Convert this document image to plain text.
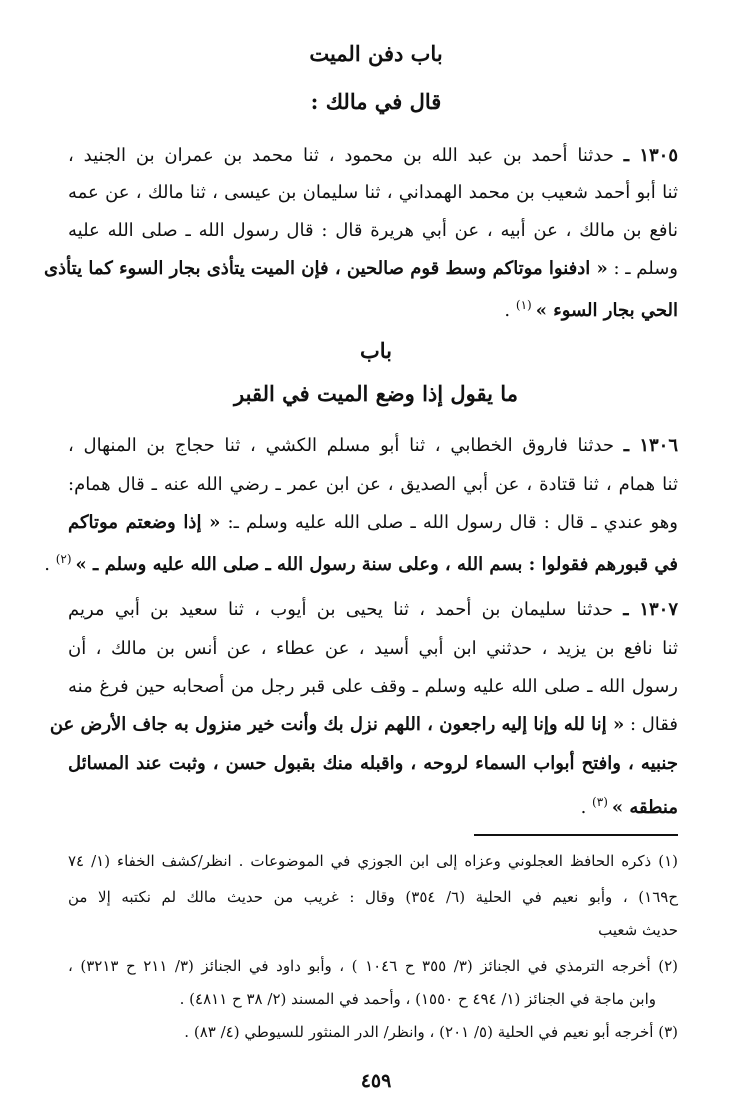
باب دفن الميت
قال في مالك :
١٣٠٥ ـ حدثنا أحمد بن عبد الله بن محمود ، ثنا محمد بن عمران بن الجنيد ،
ثنا أبو أحمد شعيب بن محمد الهمداني ، ثنا سليمان بن عيسى ، ثنا مالك ، عن عمه
نافع بن مالك ، عن أبيه ، عن أبي هريرة قال : قال رسول الله ـ صلى الله عليه
وسلم ـ : « ادفنوا موتاكم وسط قوم صالحين ، فإن الميت يتأذى بجار السوء كما يتأذى
الحي بجار السوء »$^{(١)}$ .
باب
ما يقول إذا وضع الميت في القبر
١٣٠٦ ـ حدثنا فاروق الخطابي ، ثنا أبو مسلم الكشي ، ثنا حجاج بن المنهال ،
ثنا همام ، ثنا قتادة ، عن أبي الصديق ، عن ابن عمر ـ رضي الله عنه ـ قال همام:
وهو عندي ـ قال : قال رسول الله ـ صلى الله عليه وسلم ـ: « إذا وضعتم موتاكم
في قبورهم فقولوا : بسم الله ، وعلى سنة رسول الله ـ صلى الله عليه وسلم ـ »$^{(٢)}$ .
١٣٠٧ ـ حدثنا سليمان بن أحمد ، ثنا يحيى بن أيوب ، ثنا سعيد بن أبي مريم
ثنا نافع بن يزيد ، حدثني ابن أبي أسيد ، عن عطاء ، عن أنس بن مالك ، أن
رسول الله ـ صلى الله عليه وسلم ـ وقف على قبر رجل من أصحابه حين فرغ منه
فقال : « إنا لله وإنا إليه راجعون ، اللهم نزل بك وأنت خير منزول به جاف الأرض عن
جنبيه ، وافتح أبواب السماء لروحه ، واقبله منك بقبول حسن ، وثبت عند المسائل
منطقه »$^{(٣)}$ .
(١) ذكره الحافظ العجلوني وعزاه إلى ابن الجوزي في الموضوعات . انظر/كشف الخفاء (١/ ٧٤
ح١٦٩) ، وأبو نعيم في الحلية (٦/ ٣٥٤) وقال : غريب من حديث مالك لم نكتبه إلا من
حديث شعيب
(٢) أخرجه الترمذي في الجنائز (٣/ ٣٥٥ ح ١٠٤٦ ) ، وأبو داود في الجنائز (٣/ ٢١١ ح ٣٢١٣) ،
وابن ماجة في الجنائز (١/ ٤٩٤ ح ١٥٥٠) ، وأحمد في المسند (٢/ ٣٨ ح ٤٨١١) .
(٣) أخرجه أبو نعيم في الحلية (٥/ ٢٠١) ، وانظر/ الدر المنثور للسيوطي (٤/ ٨٣) .
٤٥٩
